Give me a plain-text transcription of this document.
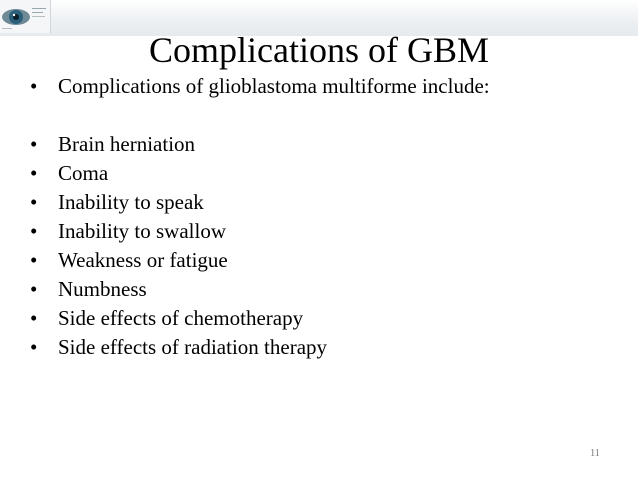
Complications of GBM
• Complications of glioblastoma multiforme include:
• Brain herniation
• Coma
• Inability to speak
• Inability to swallow
• Weakness or fatigue
• Numbness
• Side effects of chemotherapy
• Side effects of radiation therapy
11
